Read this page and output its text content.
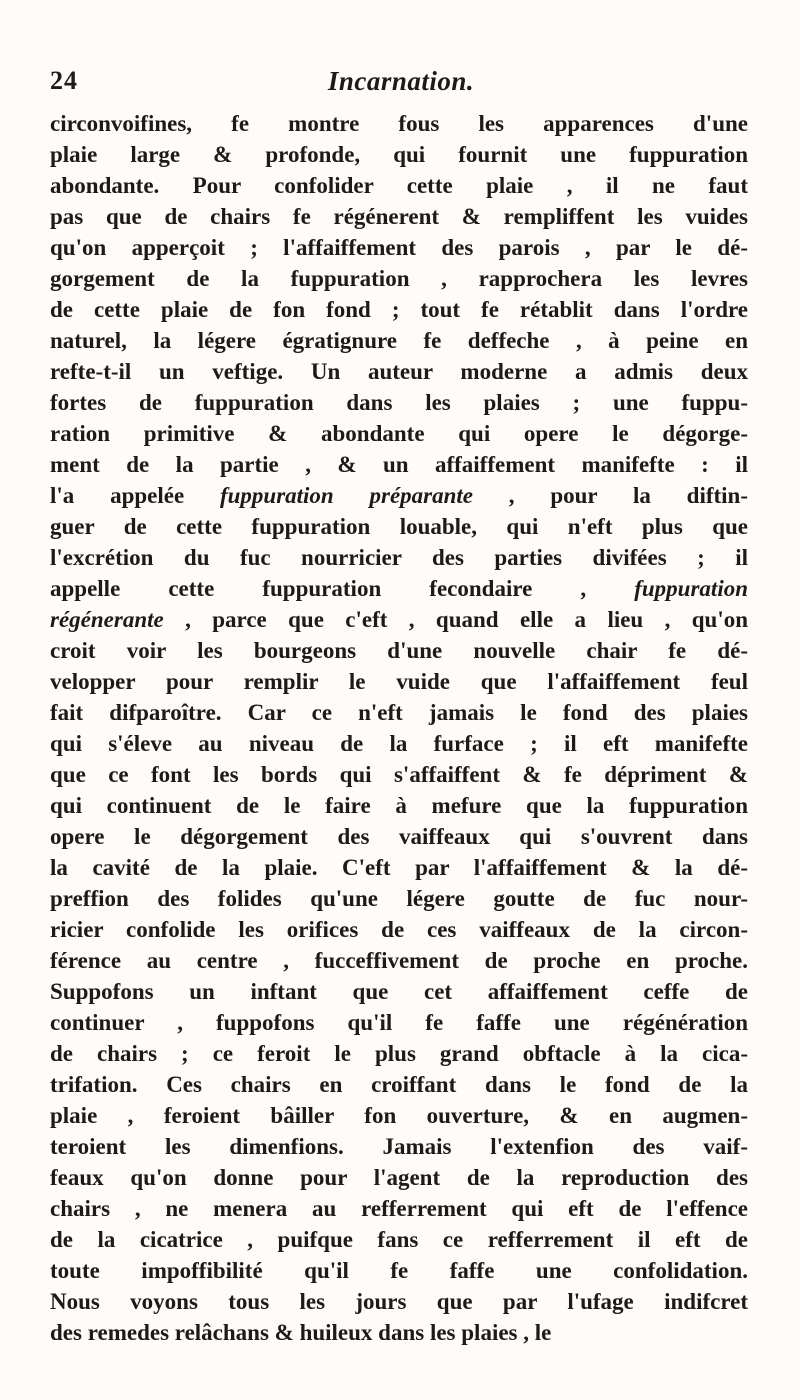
24	Incarnation.
circonvoifines, fe montre fous les apparences d'une
plaie large & profonde, qui fournit une fuppuration
abondante. Pour confolider cette plaie , il ne faut
pas que de chairs fe régénerent & rempliffent les vuides
qu'on apperçoit ; l'affaiffement des parois , par le dé-
gorgement de la fuppuration , rapprochera les levres
de cette plaie de fon fond ; tout fe rétablit dans l'ordre
naturel, la légere égratignure fe deffeche , à peine en
refte-t-il un veftige. Un auteur moderne a admis deux
fortes de fuppuration dans les plaies ; une fuppu-
ration primitive & abondante qui opere le dégorge-
ment de la partie , & un affaiffement manifefte : il
l'a appelée fuppuration préparante , pour la diftin-
guer de cette fuppuration louable, qui n'eft plus que
l'excrétion du fuc nourricier des parties divifées ; il
appelle cette fuppuration fecondaire , fuppuration
régénerante , parce que c'eft , quand elle a lieu , qu'on
croit voir les bourgeons d'une nouvelle chair fe dé-
velopper pour remplir le vuide que l'affaiffement feul
fait difparoître. Car ce n'eft jamais le fond des plaies
qui s'éleve au niveau de la furface ; il eft manifefte
que ce font les bords qui s'affaiffent & fe dépriment &
qui continuent de le faire à mefure que la fuppuration
opere le dégorgement des vaiffeaux qui s'ouvrent dans
la cavité de la plaie. C'eft par l'affaiffement & la dé-
preffion des folides qu'une légere goutte de fuc nour-
ricier confolide les orifices de ces vaiffeaux de la circon-
férence au centre , fucceffivement de proche en proche.
Suppofons un inftant que cet affaiffement ceffe de
continuer , fuppofons qu'il fe faffe une régénération
de chairs ; ce feroit le plus grand obftacle à la cica-
trifation. Ces chairs en croiffant dans le fond de la
plaie , feroient bâiller fon ouverture, & en augmen-
teroient les dimenfions. Jamais l'extenfion des vaif-
feaux qu'on donne pour l'agent de la reproduction des
chairs , ne menera au refferrement qui eft de l'effence
de la cicatrice , puifque fans ce refferrement il eft de
toute impoffibilité qu'il fe faffe une confolidation.
Nous voyons tous les jours que par l'ufage indifcret
des remedes relâchans & huileux dans les plaies , le
